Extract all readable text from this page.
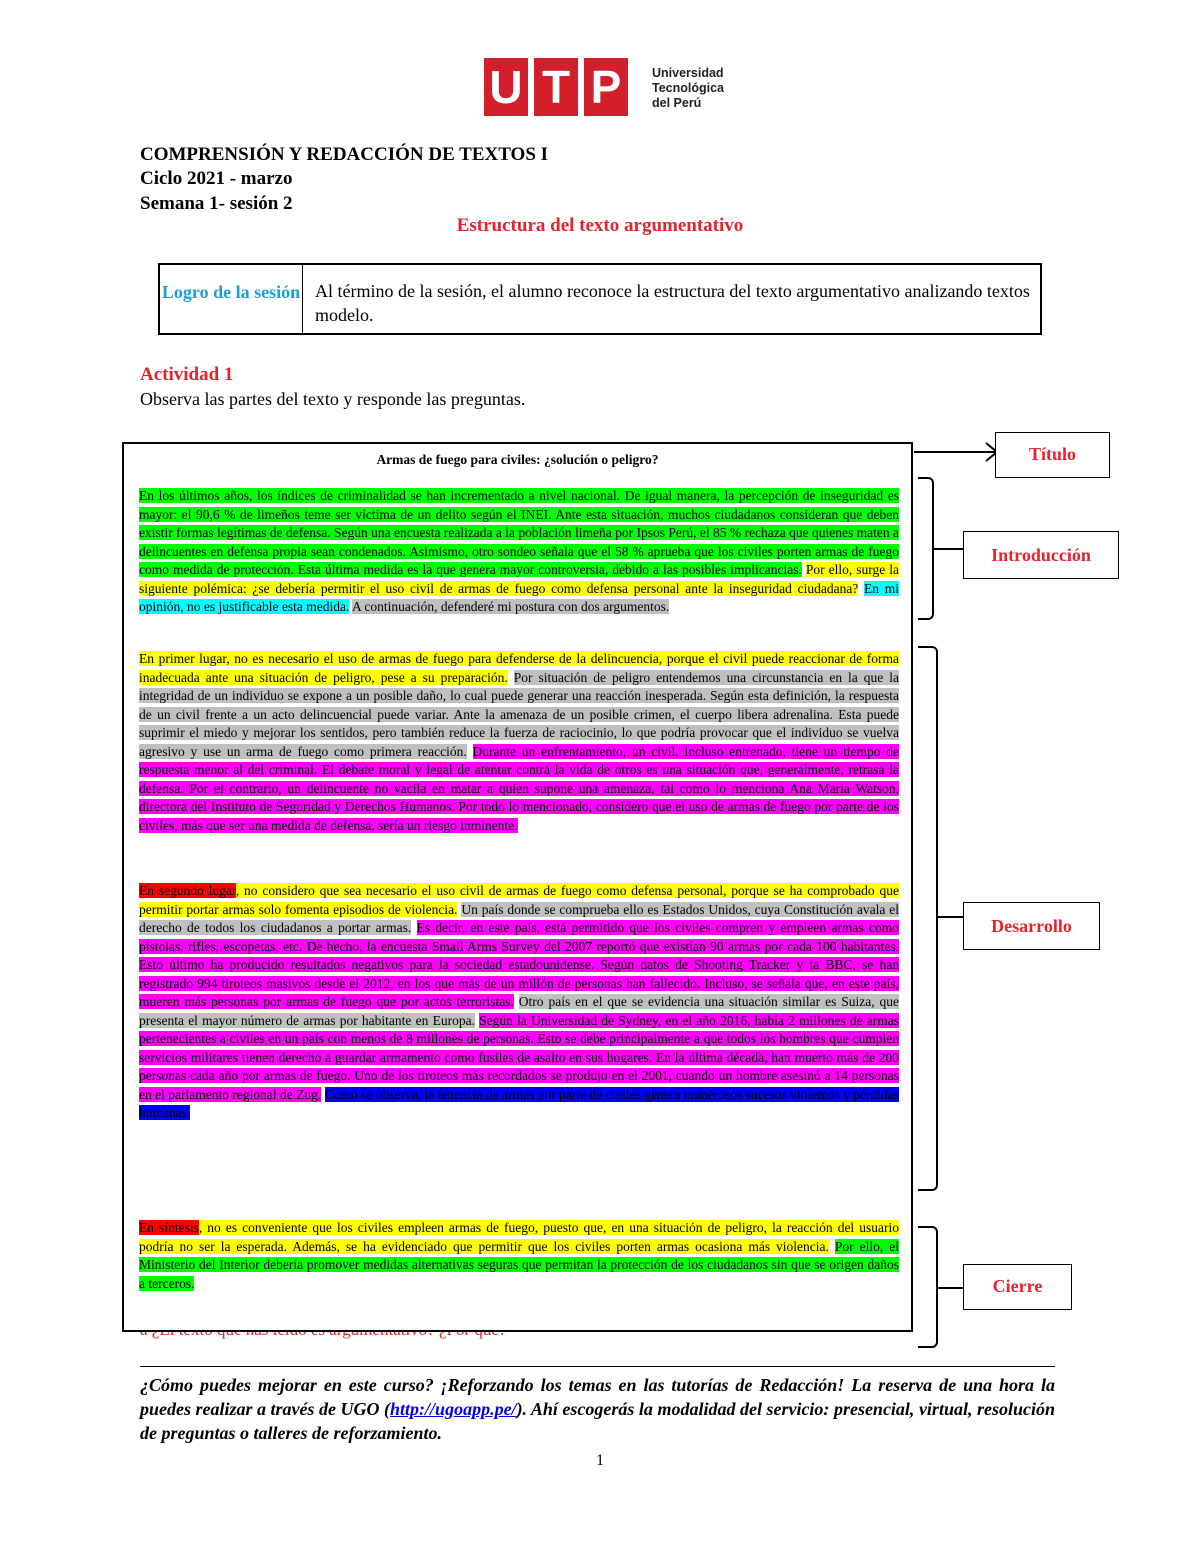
U T P	Universidad
Tecnológica
del Perú
COMPRENSIÓN Y REDACCIÓN DE TEXTOS I
Ciclo 2021 - marzo
Semana 1- sesión 2
Estructura del texto argumentativo
Logro de la sesión Al término de la sesión, el alumno reconoce la estructura del texto argumentativo analizando textos modelo.
Actividad 1
Observa las partes del texto y responde las preguntas.
Armas de fuego para civiles: ¿solución o peligro?
En los últimos años, los índices de criminalidad se han incrementado a nivel nacional. De igual manera, la percepción de inseguridad es mayor: el 90,6 % de limeños teme ser víctima de un delito según el INEI. Ante esta situación, muchos ciudadanos consideran que deben existir formas legítimas de defensa. Según una encuesta realizada a la población limeña por Ipsos Perú, el 85 % rechaza que quienes maten a delincuentes en defensa propia sean condenados. Asimismo, otro sondeo señala que el 58 % aprueba que los civiles porten armas de fuego como medida de protección. Esta última medida es la que genera mayor controversia, debido a las posibles implicancias. Por ello, surge la siguiente polémica: ¿se debería permitir el uso civil de armas de fuego como defensa personal ante la inseguridad ciudadana? En mi opinión, no es justificable esta medida. A continuación, defenderé mi postura con dos argumentos.
En primer lugar, no es necesario el uso de armas de fuego para defenderse de la delincuencia, porque el civil puede reaccionar de forma inadecuada ante una situación de peligro, pese a su preparación. Por situación de peligro entendemos una circunstancia en la que la integridad de un individuo se expone a un posible daño, lo cual puede generar una reacción inesperada. Según esta definición, la respuesta de un civil frente a un acto delincuencial puede variar. Ante la amenaza de un posible crimen, el cuerpo libera adrenalina. Esta puede suprimir el miedo y mejorar los sentidos, pero también reduce la fuerza de raciocinio, lo que podría provocar que el individuo se vuelva agresivo y use un arma de fuego como primera reacción. Durante un enfrentamiento, un civil, incluso entrenado, tiene un tiempo de respuesta menor al del criminal. El debate moral y legal de atentar contra la vida de otros es una situación que, generalmente, retrasa la defensa. Por el contrario, un delincuente no vacila en matar a quien supone una amenaza, tal como lo menciona Ana María Watson, directora del Instituto de Seguridad y Derechos Humanos. Por todo lo mencionado, considero que el uso de armas de fuego por parte de los civiles, más que ser una medida de defensa, sería un riesgo inminente.
En segundo lugar, no considero que sea necesario el uso civil de armas de fuego como defensa personal, porque se ha comprobado que permitir portar armas solo fomenta episodios de violencia. Un país donde se comprueba ello es Estados Unidos, cuya Constitución avala el derecho de todos los ciudadanos a portar armas. Es decir, en este país, está permitido que los civiles compren y empleen armas como pistolas, rifles, escopetas, etc. De hecho, la encuesta Small Arms Survey del 2007 reportó que existían 90 armas por cada 100 habitantes. Esto último ha producido resultados negativos para la sociedad estadounidense. Según datos de Shooting Tracker y la BBC, se han registrado 994 tiroteos masivos desde el 2012, en los que más de un millón de personas han fallecido. Incluso, se señala que, en este país, mueren más personas por armas de fuego que por actos terroristas. Otro país en el que se evidencia una situación similar es Suiza, que presenta el mayor número de armas por habitante en Europa. Según la Universidad de Sydney, en el año 2016, había 2 millones de armas pertenecientes a civiles en un país con menos de 8 millones de personas. Esto se debe principalmente a que todos los hombres que cumplen servicios militares tienen derecho a guardar armamento como fusiles de asalto en sus hogares. En la última década, han muerto más de 200 personas cada año por armas de fuego. Uno de los tiroteos más recordados se produjo en el 2001, cuando un hombre asesinó a 14 personas en el parlamento regional de Zug. Como se observa, la tenencia de armas por parte de civiles genera numerosos sucesos violentos y pérdidas humanas.
En síntesis, no es conveniente que los civiles empleen armas de fuego, puesto que, en una situación de peligro, la reacción del usuario podría no ser la esperada. Además, se ha evidenciado que permitir que los civiles porten armas ocasiona más violencia. Por ello, el Ministerio del Interior debería promover medidas alternativas seguras que permitan la protección de los ciudadanos sin que se origen daños a terceros.
Título
Introducción
Desarrollo
Cierre
¿Cómo puedes mejorar en este curso? ¡Reforzando los temas en las tutorías de Redacción! La reserva de una hora la puedes realizar a través de UGO (http://ugoapp.pe/). Ahí escogerás la modalidad del servicio: presencial, virtual, resolución de preguntas o talleres de reforzamiento.
1
